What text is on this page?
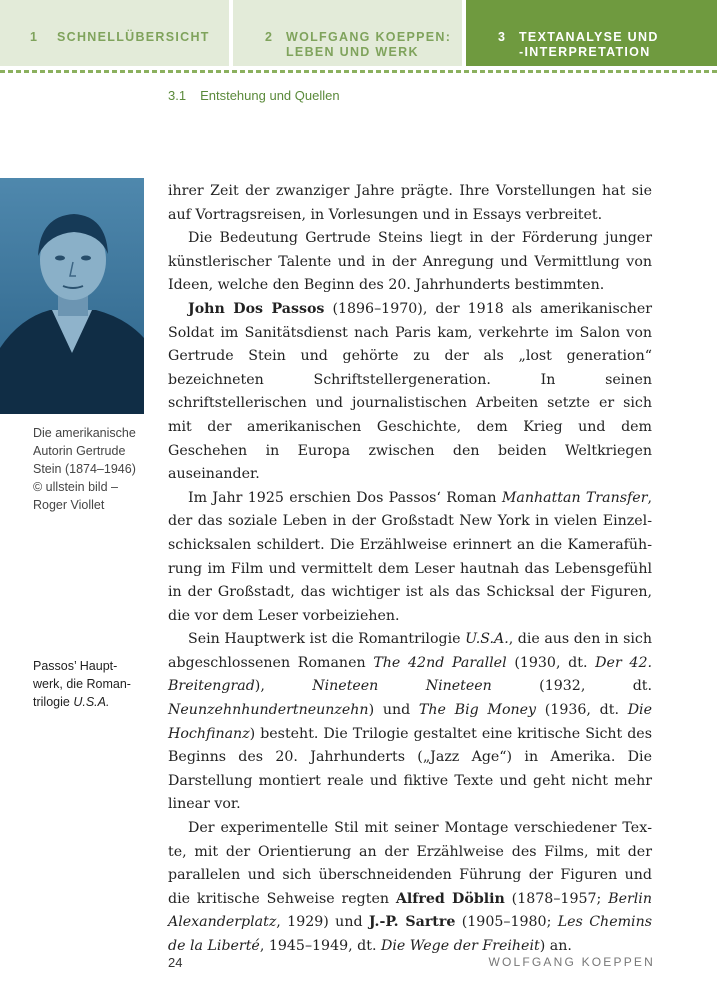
1 SCHNELLÜBERSICHT	2 WOLFGANG KOEPPEN:
LEBEN UND WERK
3 TEXTANALYSE UND
-INTERPRETATION
3.1 Entstehung und Quellen
Die amerikanische
Autorin Gertrude
Stein (1874–1946)
© ullstein bild –
Roger Viollet
Passos’ Haupt-
werk, die Roman-
trilogie U.S.A.

ihrer Zeit der zwanziger Jahre prägte. Ihre Vorstellungen hat sie auf Vortragsreisen, in Vorlesungen und in Essays verbreitet.

Die Bedeutung Gertrude Steins liegt in der Förderung junger künstlerischer Talente und in der Anregung und Vermittlung von Ideen, welche den Beginn des 20. Jahrhunderts bestimmten.

John Dos Passos (1896–1970), der 1918 als amerikanischer Soldat im Sanitätsdienst nach Paris kam, verkehrte im Salon von Gertrude Stein und gehörte zu der als „lost generation“ bezeichneten Schriftstellergeneration. In seinen schriftstellerischen und journalistischen Arbeiten setzte er sich mit der amerikanischen Geschichte, dem Krieg und dem Geschehen in Europa zwischen den beiden Weltkriegen auseinander.

Im Jahr 1925 erschien Dos Passos‘ Roman Manhattan Transfer, der das soziale Leben in der Großstadt New York in vielen Einzelschicksalen schildert. Die Erzählweise erinnert an die Kameraführung im Film und vermittelt dem Leser hautnah das Lebensgefühl in der Großstadt, das wichtiger ist als das Schicksal der Figuren, die vor dem Leser vorbeiziehen.

Sein Hauptwerk ist die Romantrilogie U.S.A., die aus den in sich abgeschlossenen Romanen The 42nd Parallel (1930, dt. Der 42. Breitengrad), Nineteen Nineteen (1932, dt. Neunzehnhundertneunzehn) und The Big Money (1936, dt. Die Hochfinanz) besteht. Die Trilogie gestaltet eine kritische Sicht des Beginns des 20. Jahrhunderts („Jazz Age“) in Amerika. Die Darstellung montiert reale und fiktive Texte und geht nicht mehr linear vor.

Der experimentelle Stil mit seiner Montage verschiedener Texte, mit der Orientierung an der Erzählweise des Films, mit der parallelen und sich überschneidenden Führung der Figuren und die kritische Sehweise regten Alfred Döblin (1878–1957; Berlin Alexanderplatz, 1929) und J.-P. Sartre (1905–1980; Les Chemins de la Liberté, 1945–1949, dt. Die Wege der Freiheit) an.

24	WOLFGANG KOEPPEN
